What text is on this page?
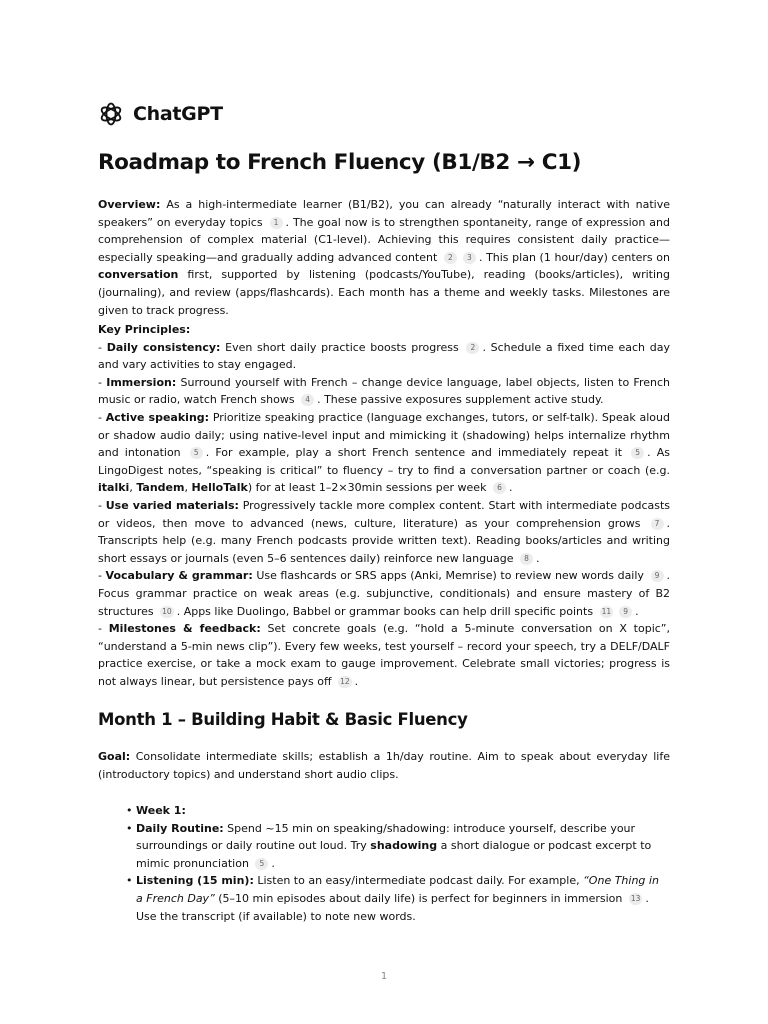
ChatGPT
Roadmap to French Fluency (B1/B2 → C1)

Overview: As a high-intermediate learner (B1/B2), you can already “naturally interact with native speakers” on everyday topics 1 . The goal now is to strengthen spontaneity, range of expression and comprehension of complex material (C1-level). Achieving this requires consistent daily practice—especially speaking—and gradually adding advanced content 2 3 . This plan (1 hour/day) centers on conversation first, supported by listening (podcasts/YouTube), reading (books/articles), writing (journaling), and review (apps/flashcards). Each month has a theme and weekly tasks. Milestones are given to track progress.

Key Principles:

- Daily consistency: Even short daily practice boosts progress 2 . Schedule a fixed time each day and vary activities to stay engaged.

- Immersion: Surround yourself with French – change device language, label objects, listen to French music or radio, watch French shows 4 . These passive exposures supplement active study.

- Active speaking: Prioritize speaking practice (language exchanges, tutors, or self-talk). Speak aloud or shadow audio daily; using native-level input and mimicking it (shadowing) helps internalize rhythm and intonation 5 . For example, play a short French sentence and immediately repeat it 5 . As LingoDigest notes, “speaking is critical” to fluency – try to find a conversation partner or coach (e.g. italki, Tandem, HelloTalk) for at least 1–2×30min sessions per week 6 .

- Use varied materials: Progressively tackle more complex content. Start with intermediate podcasts or videos, then move to advanced (news, culture, literature) as your comprehension grows 7 . Transcripts help (e.g. many French podcasts provide written text). Reading books/articles and writing short essays or journals (even 5–6 sentences daily) reinforce new language 8 .

- Vocabulary & grammar: Use flashcards or SRS apps (Anki, Memrise) to review new words daily 9 . Focus grammar practice on weak areas (e.g. subjunctive, conditionals) and ensure mastery of B2 structures 10 . Apps like Duolingo, Babbel or grammar books can help drill specific points 11 9 .

- Milestones & feedback: Set concrete goals (e.g. “hold a 5-minute conversation on X topic”, “understand a 5-min news clip”). Every few weeks, test yourself – record your speech, try a DELF/DALF practice exercise, or take a mock exam to gauge improvement. Celebrate small victories; progress is not always linear, but persistence pays off 12 .

Month 1 – Building Habit & Basic Fluency

Goal: Consolidate intermediate skills; establish a 1h/day routine. Aim to speak about everyday life (introductory topics) and understand short audio clips.

• Week 1:
• Daily Routine: Spend ~15 min on speaking/shadowing: introduce yourself, describe your surroundings or daily routine out loud. Try shadowing a short dialogue or podcast excerpt to mimic pronunciation 5 .
• Listening (15 min): Listen to an easy/intermediate podcast daily. For example, “One Thing in a French Day” (5–10 min episodes about daily life) is perfect for beginners in immersion 13 . Use the transcript (if available) to note new words.
1
